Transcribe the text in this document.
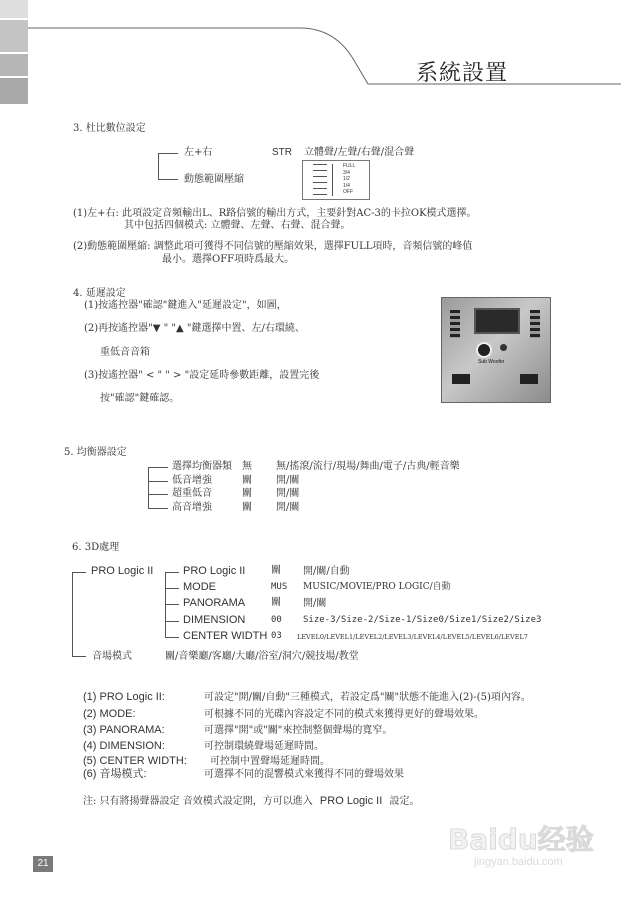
系統設置
3. 杜比數位設定
左+右
動態範圍壓縮
STR 立體聲/左聲/右聲/混合聲
FULL
3/4
1/2
1/4
OFF
(1)左+右: 此項設定音頻輸出L、R路信號的輸出方式，主要針對AC-3的卡拉OK模式選擇。
其中包括四個模式: 立體聲、左聲、右聲、混合聲。
(2)動態範圍壓縮: 調整此項可獲得不同信號的壓縮效果，選擇FULL項時，音頻信號的峰值
最小。選擇OFF項時爲最大。
4. 延遲設定
(1)按遙控器"確認"鍵進入"延遲設定"，如圖，
(2)再按遙控器"▼ " "▲ "鍵選擇中置、左/右環繞、
重低音音箱
(3)按遙控器" < " " > "設定延時參數距離，設置完後
按"確認"鍵確認。
Sub Woofer
5. 均衡器設定
選擇均衡器類 無 無/搖滾/流行/現場/舞曲/電子/古典/輕音樂
低音增強	關 開/關
超重低音	關 開/關
高音增強	關 開/關
6. 3D處理
PRO Logic II	PRO Logic II	關 開/關/自動
MODE	MUS MUSIC/MOVIE/PRO LOGIC/自動
PANORAMA	關 開/關
DIMENSION	00 Size-3/Size-2/Size-1/Size0/Size1/Size2/Size3
CENTER WIDTH 03 LEVEL0/LEVEL1/LEVEL2/LEVEL3/LEVEL4/LEVEL5/LEVEL6/LEVEL7
音場模式	關/音樂廳/客廳/大廳/浴室/洞穴/競技場/教堂
(1) PRO Logic II:	可設定"開/關/自動"三種模式，若設定爲"關"狀態不能進入(2)-(5)項內容。
(2) MODE:	可根據不同的光碟內容設定不同的模式來獲得更好的聲場效果。
(3) PANORAMA:	可選擇"開"或"關"來控制整個聲場的寬窄。
(4) DIMENSION:	可控制環繞聲場延遲時間。
(5) CENTER WIDTH: 可控制中置聲場延遲時間。
(6) 音場模式:	可選擇不同的混響模式來獲得不同的聲場效果
注: 只有將揚聲器設定 音效模式設定開，方可以進入 PRO Logic II 設定。
21
Baidu经验
jingyan.baidu.com
